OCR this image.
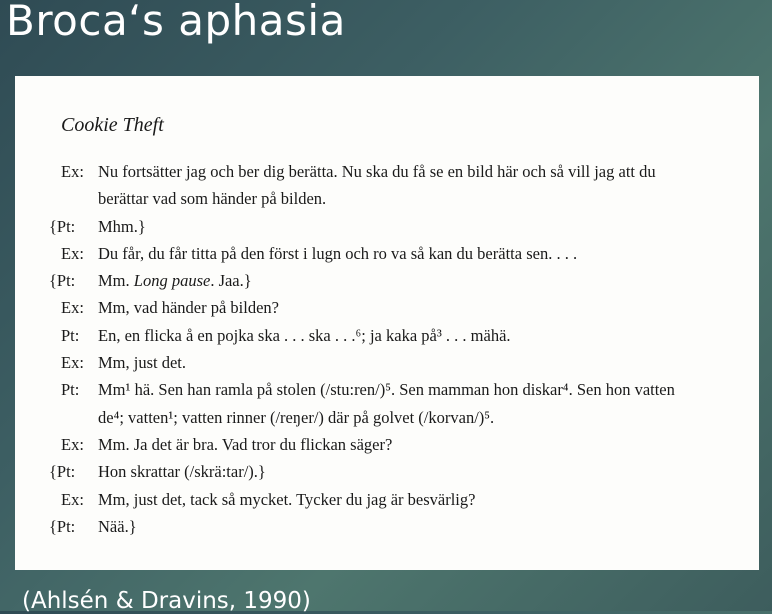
Broca‘s aphasia
Cookie Theft
Ex: Nu fortsätter jag och ber dig berätta. Nu ska du få se en bild här och så vill jag att du
berättar vad som händer på bilden.
{Pt: Mhm.}
Ex: Du får, du får titta på den först i lugn och ro va så kan du berätta sen. . . .
{Pt: Mm. Long pause. Jaa.}
Ex: Mm, vad händer på bilden?
Pt: En, en flicka å en pojka ska . . . ska . . .⁶; ja kaka på³ . . . mähä.
Ex: Mm, just det.
Pt: Mm¹ hä. Sen han ramla på stolen (/stu:ren/)⁵. Sen mamman hon diskar⁴. Sen hon vatten
de⁴; vatten¹; vatten rinner (/reŋer/) där på golvet (/korvan/)⁵.
Ex: Mm. Ja det är bra. Vad tror du flickan säger?
{Pt: Hon skrattar (/skrä:tar/).}
Ex: Mm, just det, tack så mycket. Tycker du jag är besvärlig?
{Pt: Nää.}
(Ahlsén & Dravins, 1990)
